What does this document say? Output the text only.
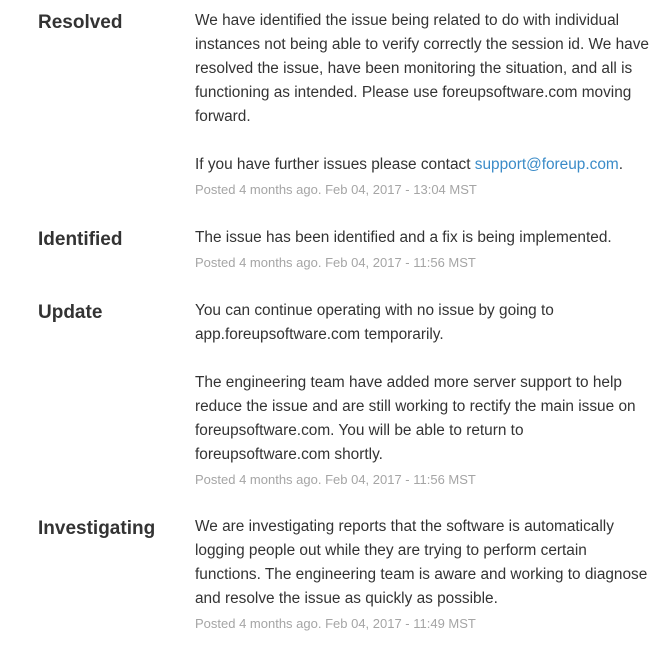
Resolved	We have identified the issue being related to do with individual instances not being able to verify correctly the session id. We have resolved the issue, have been monitoring the situation, and all is functioning as intended. Please use foreupsoftware.com moving forward.

If you have further issues please contact support@foreup.com.

Posted 4 months ago. Feb 04, 2017 - 13:04 MST
Identified	The issue has been identified and a fix is being implemented.

Posted 4 months ago. Feb 04, 2017 - 11:56 MST
Update	You can continue operating with no issue by going to app.foreupsoftware.com temporarily.

The engineering team have added more server support to help reduce the issue and are still working to rectify the main issue on foreupsoftware.com. You will be able to return to foreupsoftware.com shortly.

Posted 4 months ago. Feb 04, 2017 - 11:56 MST
Investigating	We are investigating reports that the software is automatically logging people out while they are trying to perform certain functions. The engineering team is aware and working to diagnose and resolve the issue as quickly as possible.

Posted 4 months ago. Feb 04, 2017 - 11:49 MST
